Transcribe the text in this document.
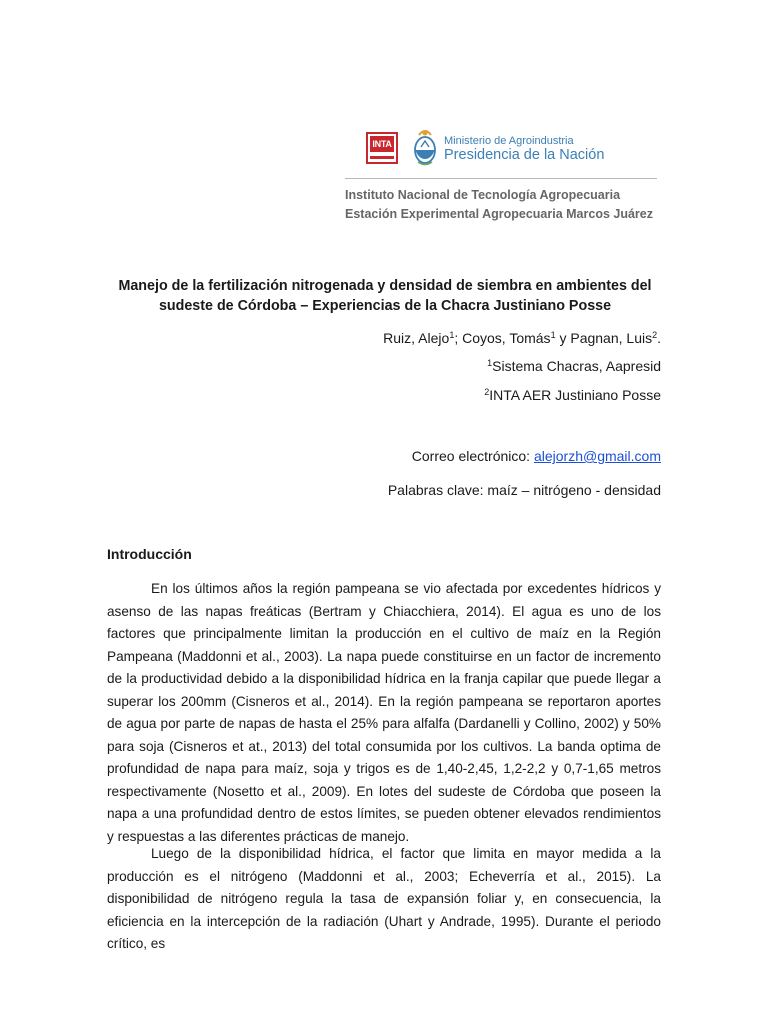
INTA	Ministerio de Agroindustria
Presidencia de la Nación
Instituto Nacional de Tecnología Agropecuaria
Estación Experimental Agropecuaria Marcos Juárez
Manejo de la fertilización nitrogenada y densidad de siembra en ambientes del sudeste de Córdoba – Experiencias de la Chacra Justiniano Posse
Ruiz, Alejo$^1$; Coyos, Tomás$^1$ y Pagnan, Luis$^2$.
$^1$Sistema Chacras, Aapresid
$^2$INTA AER Justiniano Posse
Correo electrónico: alejorzh@gmail.com
Palabras clave: maíz – nitrógeno - densidad
Introducción

En los últimos años la región pampeana se vio afectada por excedentes hídricos y asenso de las napas freáticas (Bertram y Chiacchiera, 2014). El agua es uno de los factores que principalmente limitan la producción en el cultivo de maíz en la Región Pampeana (Maddonni et al., 2003). La napa puede constituirse en un factor de incremento de la productividad debido a la disponibilidad hídrica en la franja capilar que puede llegar a superar los 200mm (Cisneros et al., 2014). En la región pampeana se reportaron aportes de agua por parte de napas de hasta el 25% para alfalfa (Dardanelli y Collino, 2002) y 50% para soja (Cisneros et at., 2013) del total consumida por los cultivos. La banda optima de profundidad de napa para maíz, soja y trigos es de 1,40-2,45, 1,2-2,2 y 0,7-1,65 metros respectivamente (Nosetto et al., 2009). En lotes del sudeste de Córdoba que poseen la napa a una profundidad dentro de estos límites, se pueden obtener elevados rendimientos y respuestas a las diferentes prácticas de manejo.

Luego de la disponibilidad hídrica, el factor que limita en mayor medida a la producción es el nitrógeno (Maddonni et al., 2003; Echeverría et al., 2015). La disponibilidad de nitrógeno regula la tasa de expansión foliar y, en consecuencia, la eficiencia en la intercepción de la radiación (Uhart y Andrade, 1995). Durante el periodo crítico, es
